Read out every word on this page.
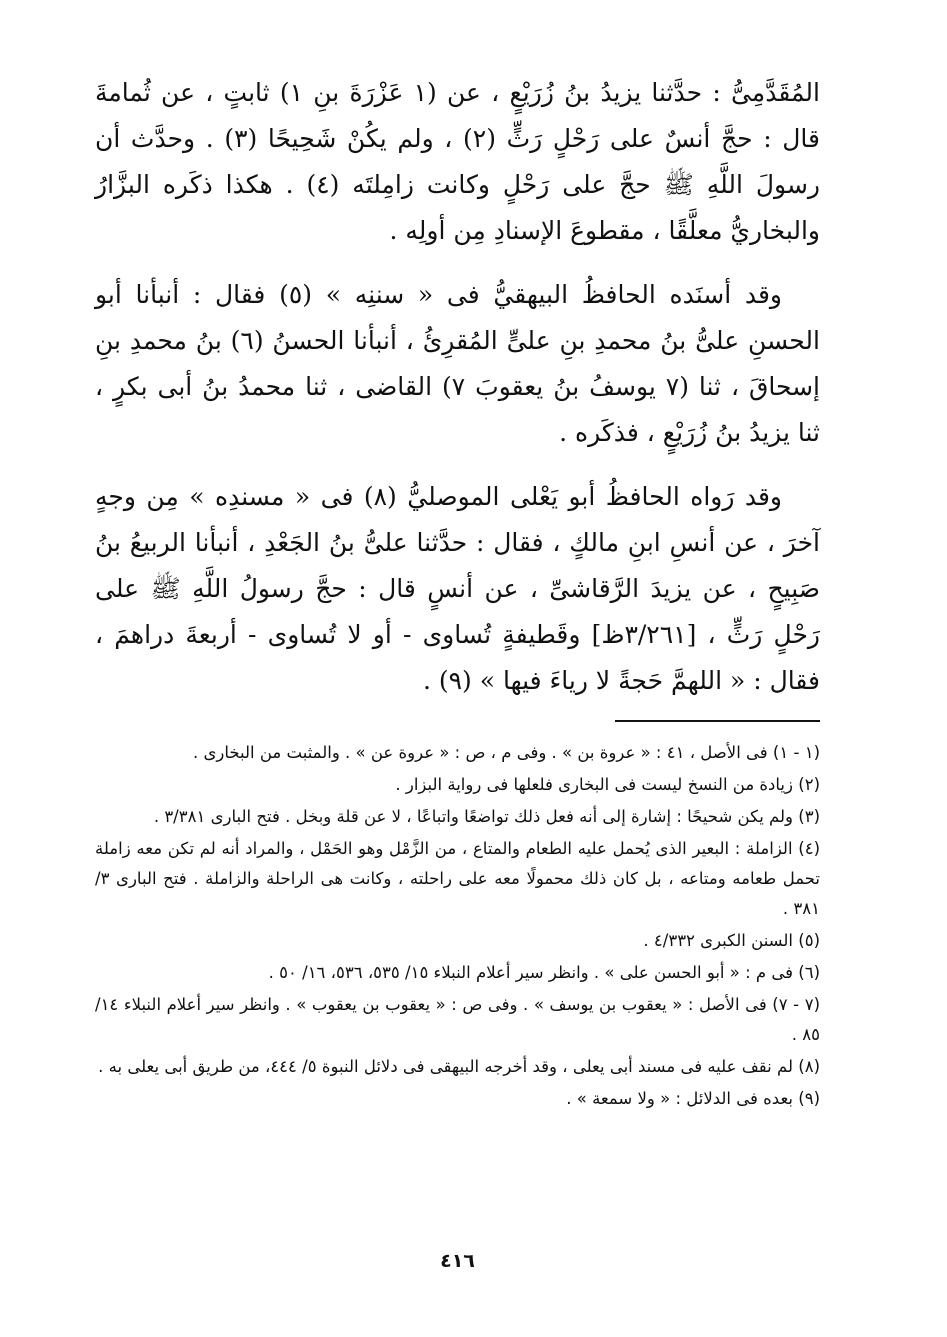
المُقَدَّمِىُّ : حدَّثنا يزيدُ بنُ زُرَيْعٍ ، عن (١ عَزْرَةَ بنِ ١) ثابتٍ ، عن ثُمامةَ قال : حجَّ أنسٌ على رَحْلٍ رَثٍّ (٢) ، ولم يكُنْ شَحِيحًا (٣) . وحدَّث أن رسولَ اللَّهِ ﷺ حجَّ على رَحْلٍ وكانت زامِلتَه (٤) . هكذا ذكَره البزَّارُ والبخاريُّ معلَّقًا ، مقطوعَ الإسنادِ مِن أولِه .

وقد أسنَده الحافظُ البيهقيُّ فى « سننِه » (٥) فقال : أنبأنا أبو الحسنِ علىُّ بنُ محمدِ بنِ علىٍّ المُقرِئُ ، أنبأنا الحسنُ (٦) بنُ محمدِ بنِ إسحاقَ ، ثنا (٧ يوسفُ بنُ يعقوبَ ٧) القاضى ، ثنا محمدُ بنُ أبى بكرٍ ، ثنا يزيدُ بنُ زُرَيْعٍ ، فذكَره .

وقد رَواه الحافظُ أبو يَعْلى الموصليُّ (٨) فى « مسندِه » مِن وجهٍ آخرَ ، عن أنسِ ابنِ مالكٍ ، فقال : حدَّثنا علىُّ بنُ الجَعْدِ ، أنبأنا الربيعُ بنُ صَبِيحٍ ، عن يزيدَ الرَّقاشىِّ ، عن أنسٍ قال : حجَّ رسولُ اللَّهِ ﷺ على رَحْلٍ رَثٍّ ، [٣/٢٦١ظ] وقَطيفةٍ تُساوى - أو لا تُساوى - أربعةَ دراهمَ ، فقال : « اللهمَّ حَجةً لا رياءَ فيها » (٩) .

(١ - ١) فى الأصل ، ٤١ : « عروة بن » . وفى م ، ص : « عروة عن » . والمثبت من البخارى .

(٢) زيادة من النسخ ليست فى البخارى فلعلها فى رواية البزار .

(٣) ولم يكن شحيحًا : إشارة إلى أنه فعل ذلك تواضعًا واتباعًا ، لا عن قلة وبخل . فتح البارى ٣/٣٨١ .

(٤) الزاملة : البعير الذى يُحمل عليه الطعام والمتاع ، من الزَّمْل وهو الحَمْل ، والمراد أنه لم تكن معه زاملة تحمل طعامه ومتاعه ، بل كان ذلك محمولًا معه على راحلته ، وكانت هى الراحلة والزاملة . فتح البارى ٣/ ٣٨١ .

(٥) السنن الكبرى ٤/٣٣٢ .

(٦) فى م : « أبو الحسن على » . وانظر سير أعلام النبلاء ١٥/ ٥٣٥، ٥٣٦، ١٦/ ٥٠ .

(٧ - ٧) فى الأصل : « يعقوب بن يوسف » . وفى ص : « يعقوب بن يعقوب » . وانظر سير أعلام النبلاء ١٤/ ٨٥ .

(٨) لم نقف عليه فى مسند أبى يعلى ، وقد أخرجه البيهقى فى دلائل النبوة ٥/ ٤٤٤، من طريق أبى يعلى به .

(٩) بعده فى الدلائل : « ولا سمعة » .

٤١٦
